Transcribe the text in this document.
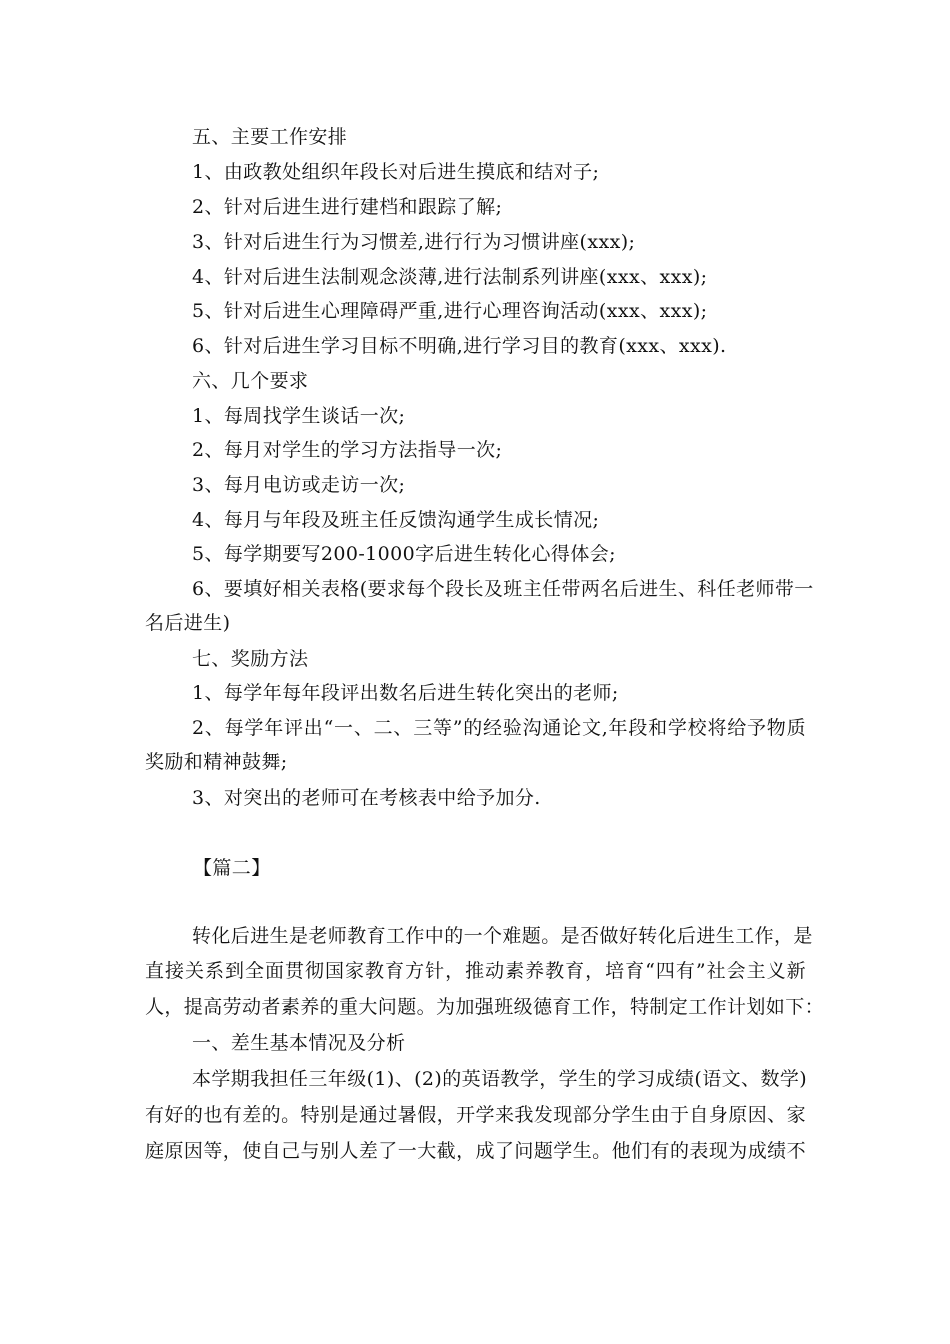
五、主要工作安排
1、由政教处组织年段长对后进生摸底和结对子;
2、针对后进生进行建档和跟踪了解;
3、针对后进生行为习惯差,进行行为习惯讲座(xxx);
4、针对后进生法制观念淡薄,进行法制系列讲座(xxx、xxx);
5、针对后进生心理障碍严重,进行心理咨询活动(xxx、xxx);
6、针对后进生学习目标不明确,进行学习目的教育(xxx、xxx).
六、几个要求
1、每周找学生谈话一次;
2、每月对学生的学习方法指导一次;
3、每月电访或走访一次;
4、每月与年段及班主任反馈沟通学生成长情况;
5、每学期要写200-1000字后进生转化心得体会;
6、要填好相关表格(要求每个段长及班主任带两名后进生、科任老师带一
名后进生)
七、奖励方法
1、每学年每年段评出数名后进生转化突出的老师;
2、每学年评出“一、二、三等”的经验沟通论文,年段和学校将给予物质
奖励和精神鼓舞;
3、对突出的老师可在考核表中给予加分.
【篇二】
转化后进生是老师教育工作中的一个难题。是否做好转化后进生工作，是
直接关系到全面贯彻国家教育方针，推动素养教育，培育“四有”社会主义新
人，提高劳动者素养的重大问题。为加强班级德育工作，特制定工作计划如下：
一、差生基本情况及分析
本学期我担任三年级(1)、(2)的英语教学，学生的学习成绩(语文、数学)
有好的也有差的。特别是通过暑假，开学来我发现部分学生由于自身原因、家
庭原因等，使自己与别人差了一大截，成了问题学生。他们有的表现为成绩不
